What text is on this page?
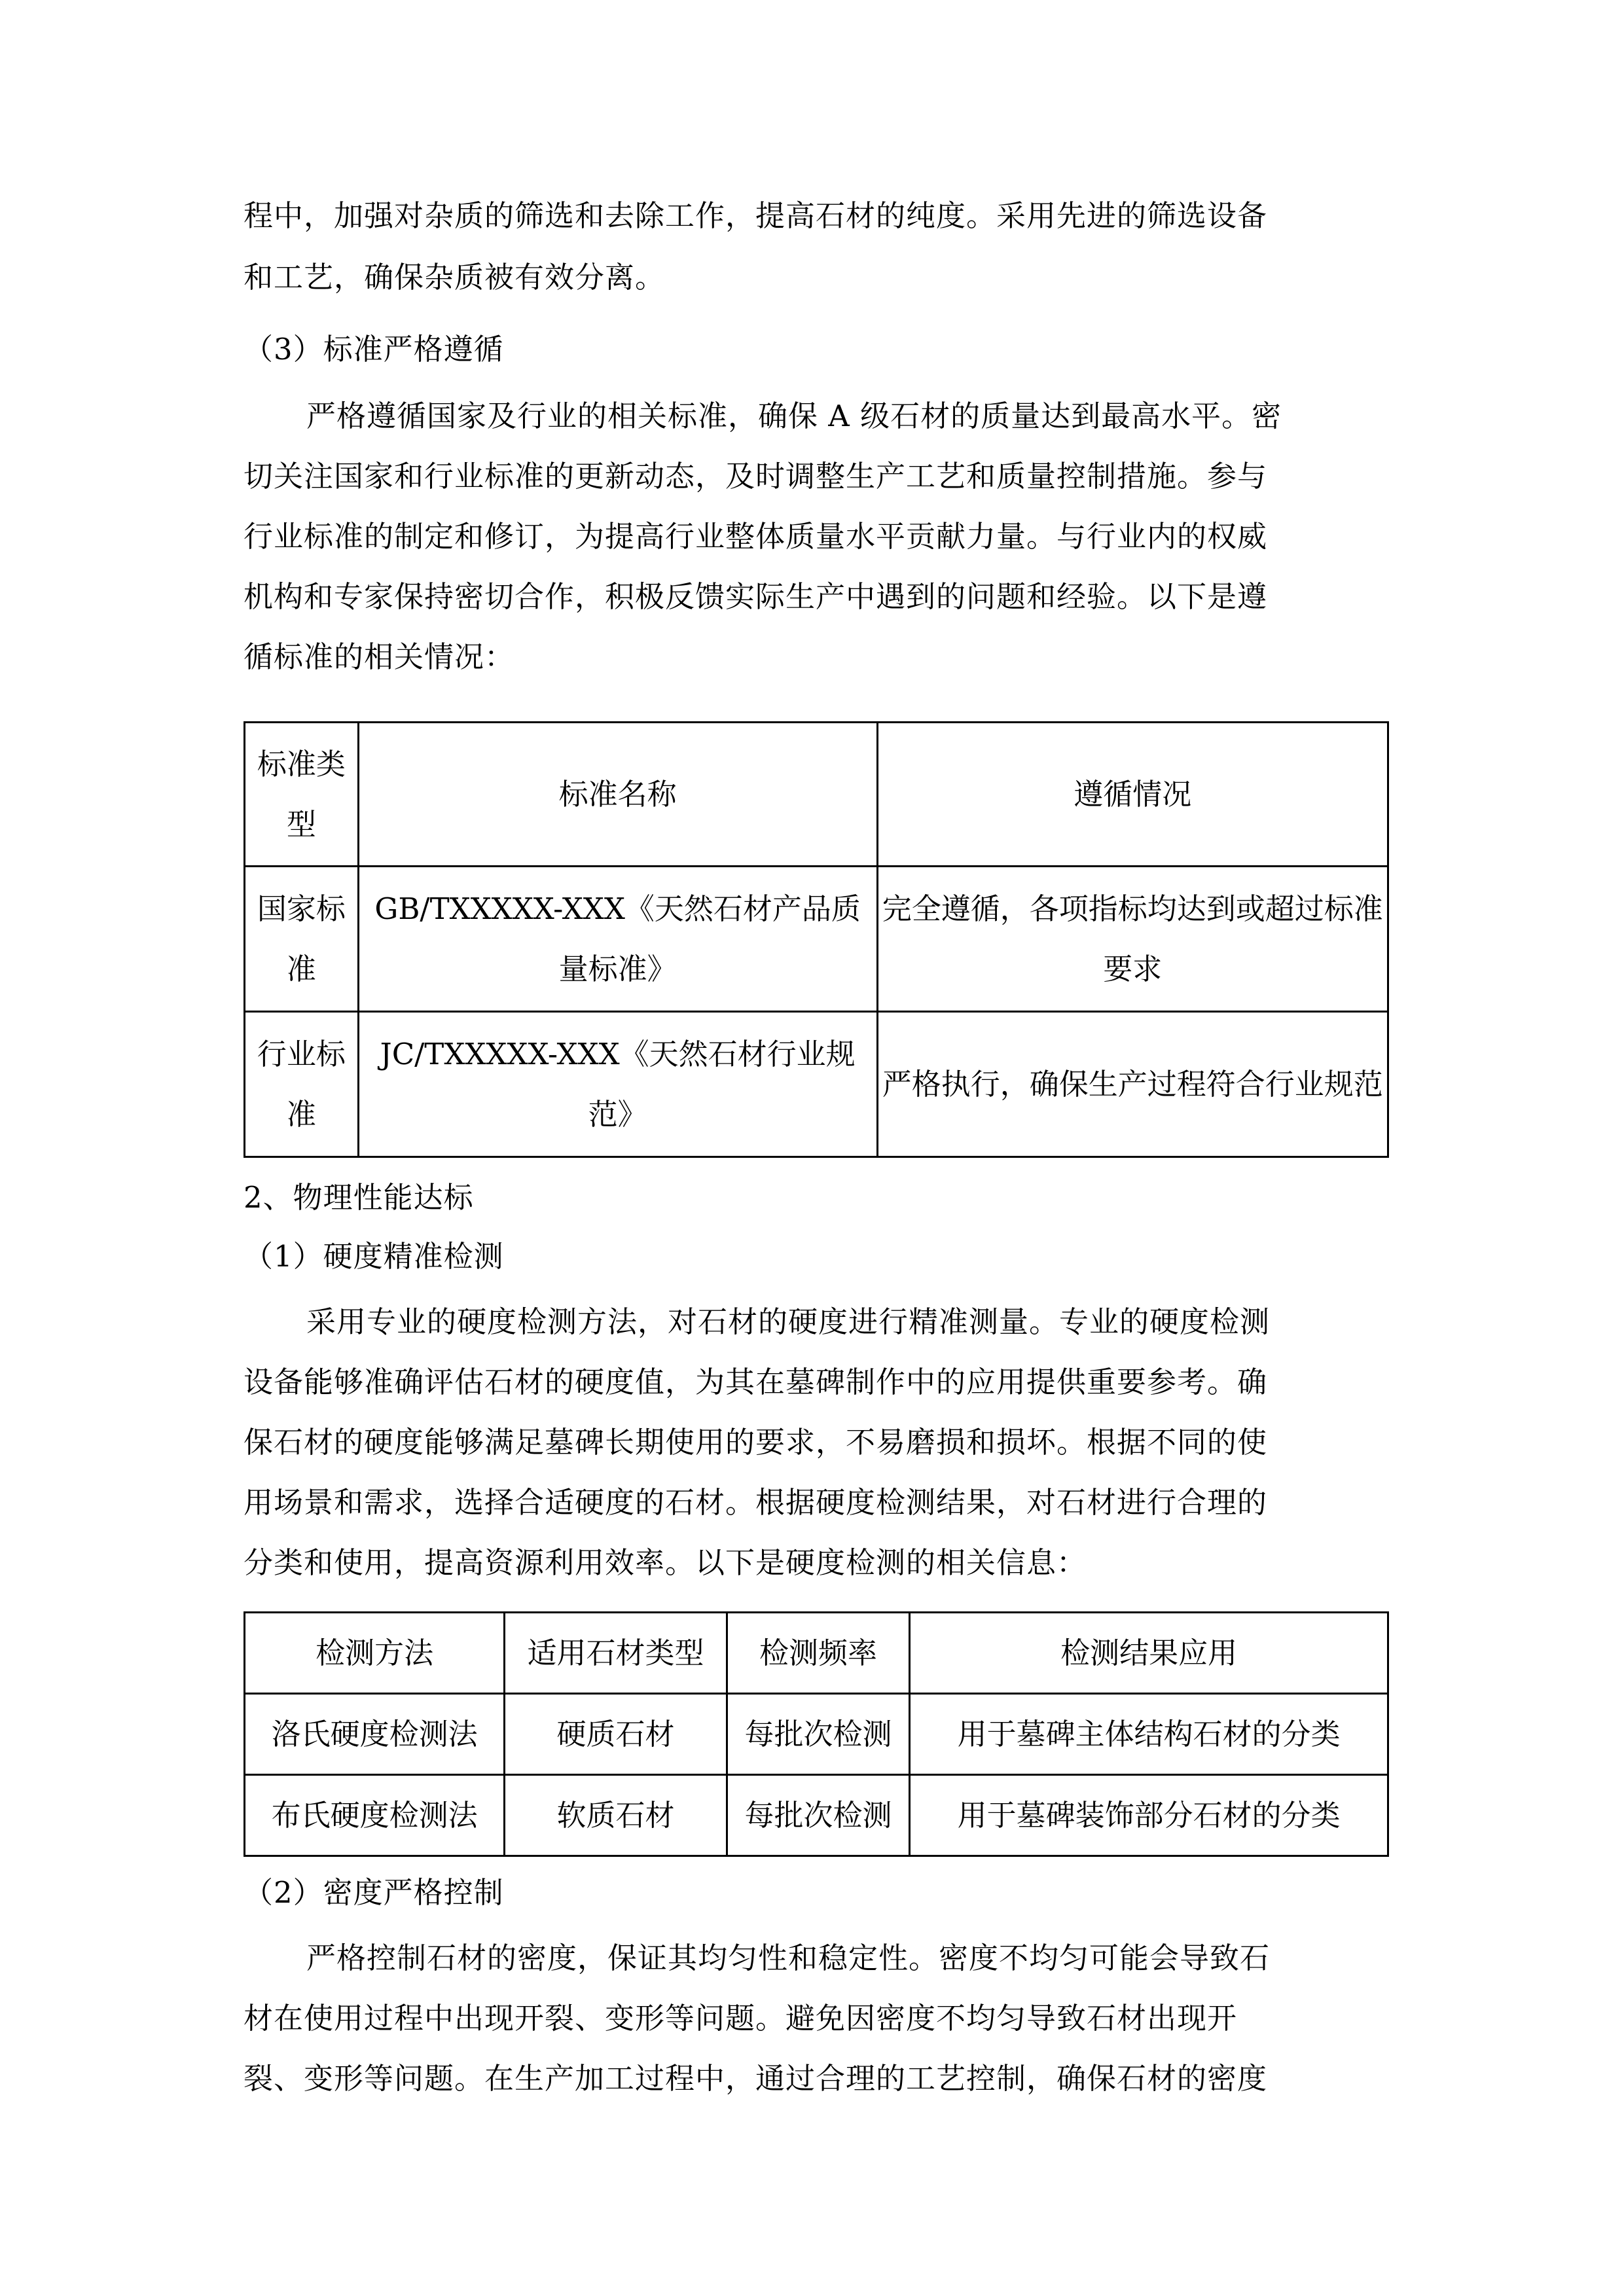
程中，加强对杂质的筛选和去除工作，提高石材的纯度。采用先进的筛选设备
和工艺，确保杂质被有效分离。
（3）标准严格遵循
严格遵循国家及行业的相关标准，确保 A 级石材的质量达到最高水平。密
切关注国家和行业标准的更新动态，及时调整生产工艺和质量控制措施。参与
行业标准的制定和修订，为提高行业整体质量水平贡献力量。与行业内的权威
机构和专家保持密切合作，积极反馈实际生产中遇到的问题和经验。以下是遵
循标准的相关情况：
标准类型	标准名称	遵循情况
国家标准	GB/TXXXXX-XXX《天然石材产品质量标准》	完全遵循，各项指标均达到或超过标准要求
行业标准	JC/TXXXXX-XXX《天然石材行业规范》	严格执行，确保生产过程符合行业规范
2、物理性能达标
（1）硬度精准检测
采用专业的硬度检测方法，对石材的硬度进行精准测量。专业的硬度检测
设备能够准确评估石材的硬度值，为其在墓碑制作中的应用提供重要参考。确
保石材的硬度能够满足墓碑长期使用的要求，不易磨损和损坏。根据不同的使
用场景和需求，选择合适硬度的石材。根据硬度检测结果，对石材进行合理的
分类和使用，提高资源利用效率。以下是硬度检测的相关信息：
检测方法	适用石材类型	检测频率	检测结果应用
洛氏硬度检测法	硬质石材	每批次检测	用于墓碑主体结构石材的分类
布氏硬度检测法	软质石材	每批次检测	用于墓碑装饰部分石材的分类
（2）密度严格控制
严格控制石材的密度，保证其均匀性和稳定性。密度不均匀可能会导致石
材在使用过程中出现开裂、变形等问题。避免因密度不均匀导致石材出现开
裂、变形等问题。在生产加工过程中，通过合理的工艺控制，确保石材的密度
